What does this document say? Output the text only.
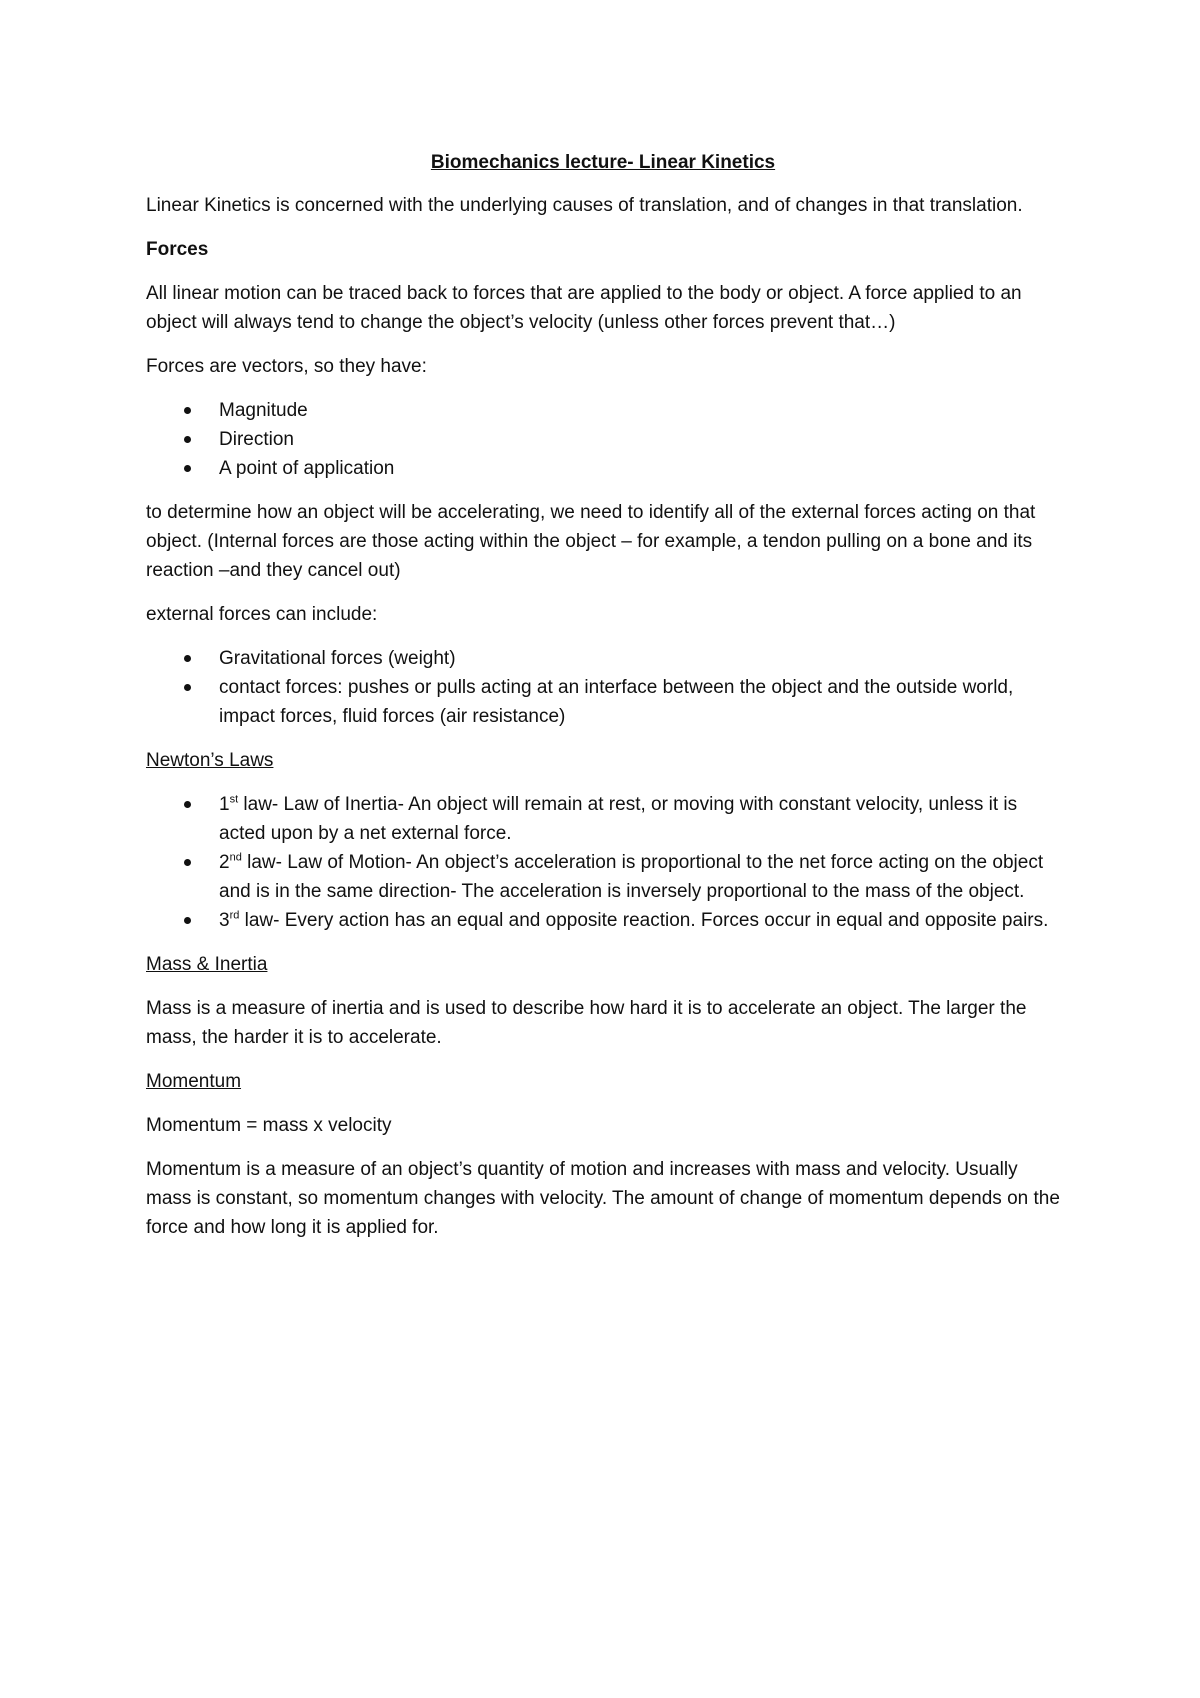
Biomechanics lecture- Linear Kinetics

Linear Kinetics is concerned with the underlying causes of translation, and of changes in that translation.

Forces

All linear motion can be traced back to forces that are applied to the body or object. A force applied to an object will always tend to change the object’s velocity (unless other forces prevent that…)

Forces are vectors, so they have:

Magnitude
Direction
A point of application

to determine how an object will be accelerating, we need to identify all of the external forces acting on that object. (Internal forces are those acting within the object – for example, a tendon pulling on a bone and its reaction –and they cancel out)

external forces can include:

Gravitational forces (weight)
contact forces: pushes or pulls acting at an interface between the object and the outside world, impact forces, fluid forces (air resistance)

Newton’s Laws

1st law- Law of Inertia- An object will remain at rest, or moving with constant velocity, unless it is acted upon by a net external force.
2nd law- Law of Motion- An object’s acceleration is proportional to the net force acting on the object and is in the same direction- The acceleration is inversely proportional to the mass of the object.
3rd law- Every action has an equal and opposite reaction. Forces occur in equal and opposite pairs.

Mass & Inertia

Mass is a measure of inertia and is used to describe how hard it is to accelerate an object. The larger the mass, the harder it is to accelerate.

Momentum

Momentum = mass x velocity

Momentum is a measure of an object’s quantity of motion and increases with mass and velocity. Usually mass is constant, so momentum changes with velocity. The amount of change of momentum depends on the force and how long it is applied for.
